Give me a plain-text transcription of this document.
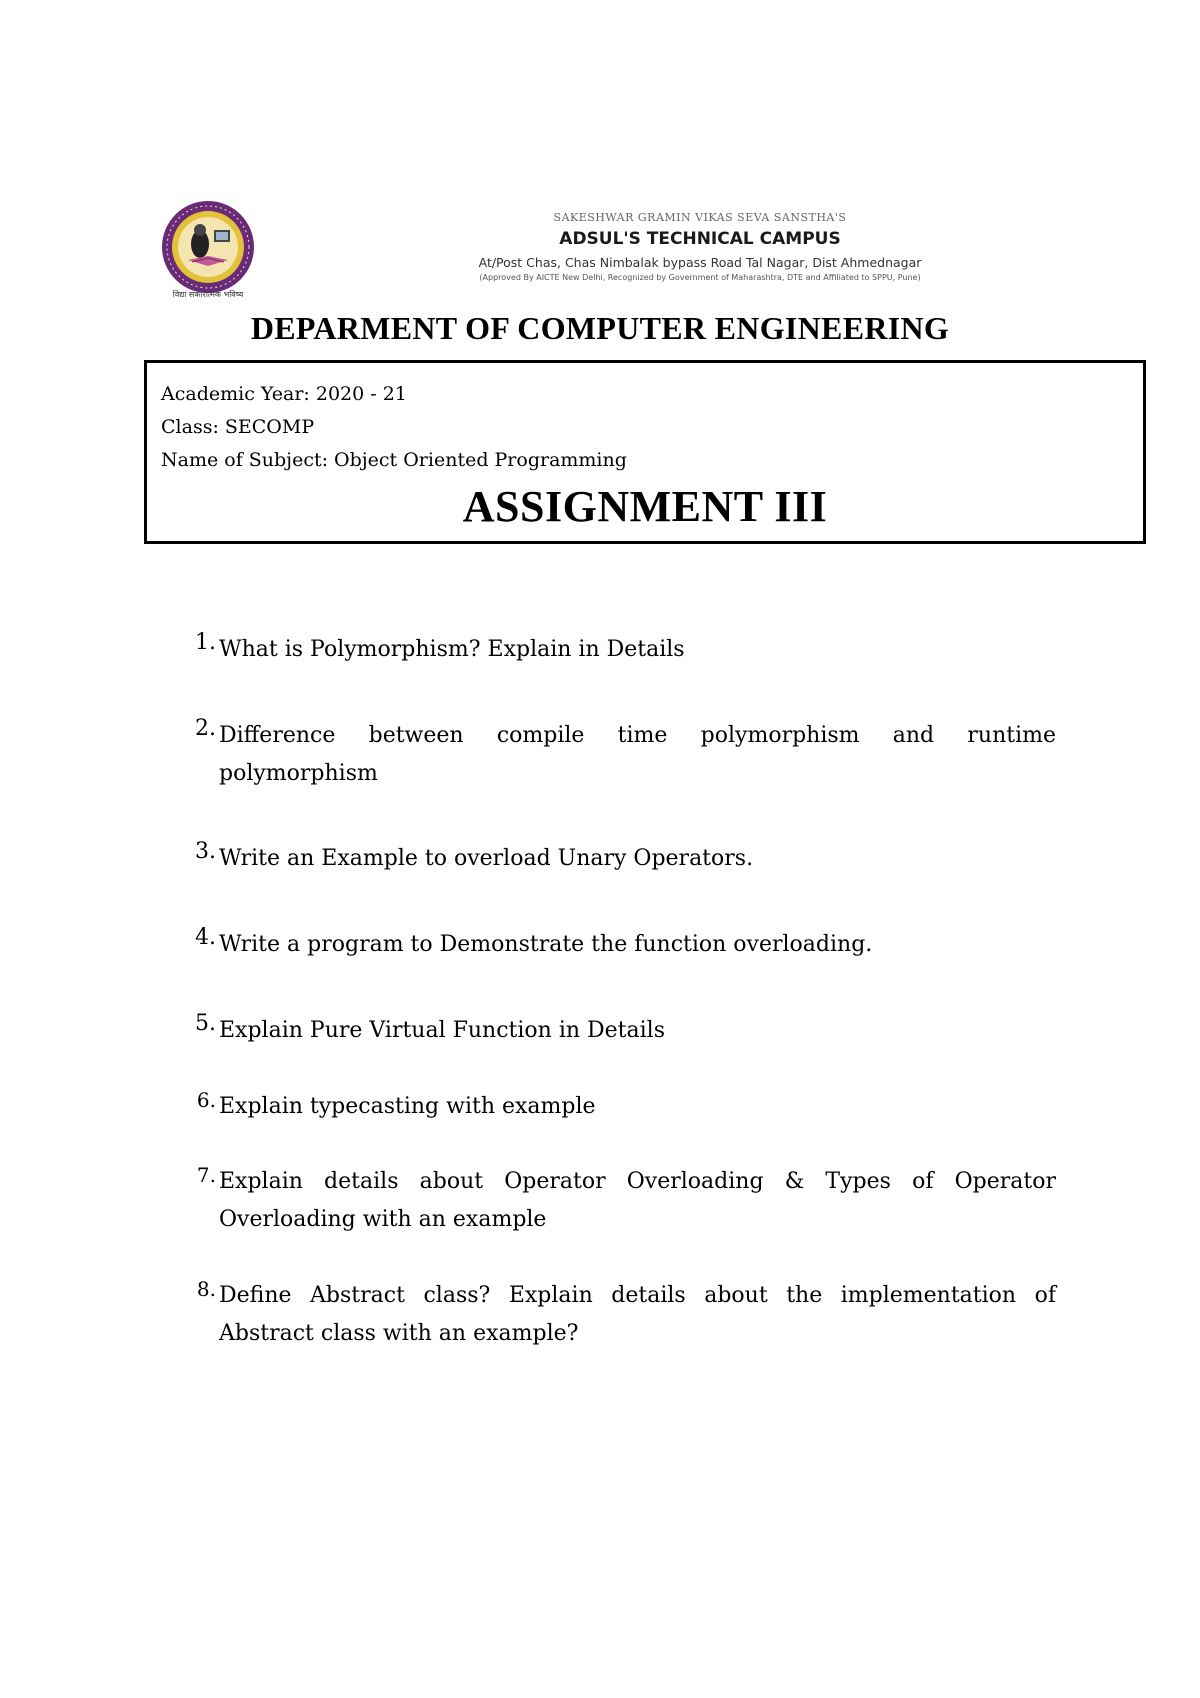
विद्या सकारात्मक भविष्य
SAKESHWAR GRAMIN VIKAS SEVA SANSTHA'S
ADSUL'S TECHNICAL CAMPUS
At/Post Chas, Chas Nimbalak bypass Road Tal Nagar, Dist Ahmednagar
(Approved By AICTE New Delhi, Recognized by Government of Maharashtra, DTE and Affiliated to SPPU, Pune)
DEPARMENT OF COMPUTER ENGINEERING
Academic Year: 2020 - 21
Class: SECOMP
Name of Subject: Object Oriented Programming
ASSIGNMENT III
1. What is Polymorphism? Explain in Details
2. Difference between compile time polymorphism and runtime polymorphism
3. Write an Example to overload Unary Operators.
4. Write a program to Demonstrate the function overloading.
5. Explain Pure Virtual Function in Details
6. Explain typecasting with example
7. Explain details about Operator Overloading & Types of Operator Overloading with an example
8. Define Abstract class? Explain details about the implementation of Abstract class with an example?
